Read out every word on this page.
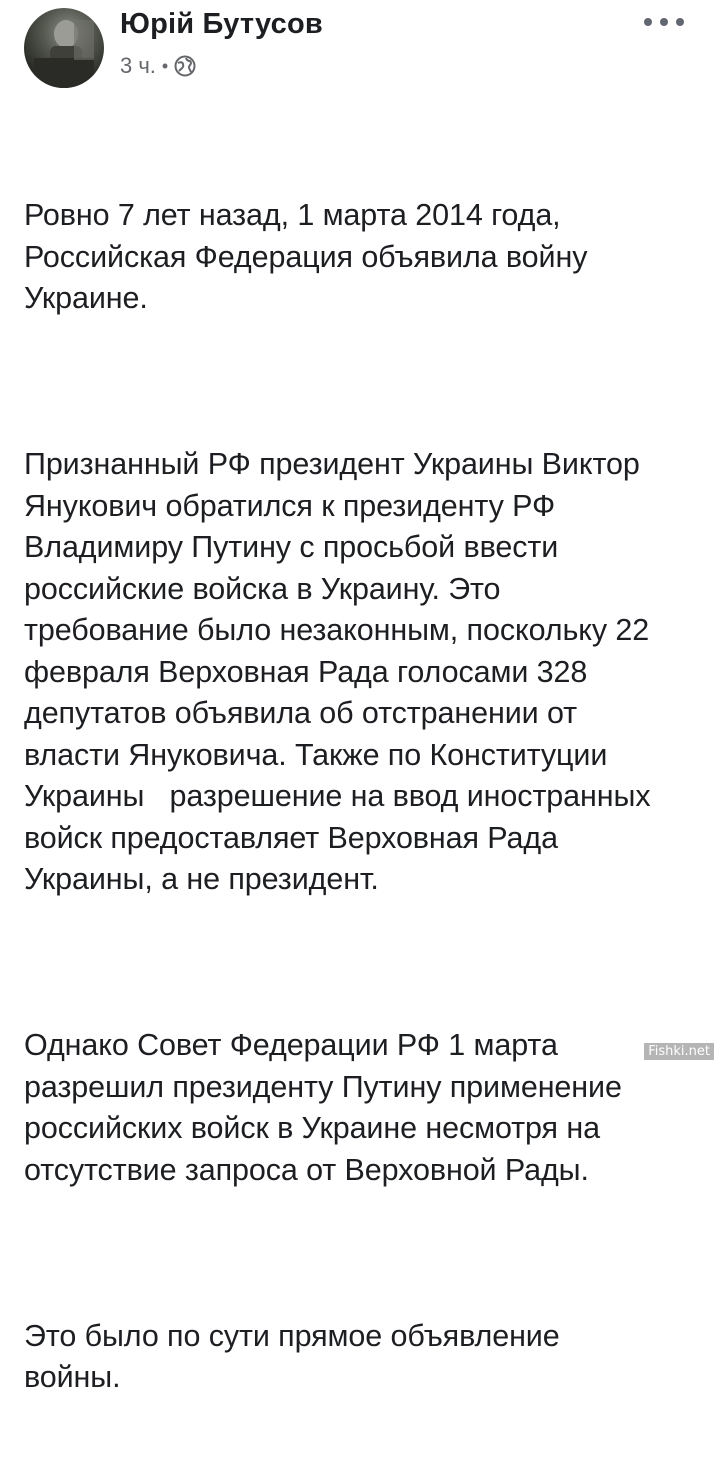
Юрій Бутусов
3 ч. •

Ровно 7 лет назад, 1 марта 2014 года,
Российская Федерация объявила войну
Украине.

Признанный РФ президент Украины Виктор
Янукович обратился к президенту РФ
Владимиру Путину с просьбой ввести
российские войска в Украину. Это
требование было незаконным, поскольку 22
февраля Верховная Рада голосами 328
депутатов объявила об отстранении от
власти Януковича. Также по Конституции
Украины   разрешение на ввод иностранных
войск предоставляет Верховная Рада
Украины, а не президент.

Однако Совет Федерации РФ 1 марта
разрешил президенту Путину применение
российских войск в Украине несмотря на
отсутствие запроса от Верховной Рады.

Это было по сути прямое объявление
войны.

Fishki.net
